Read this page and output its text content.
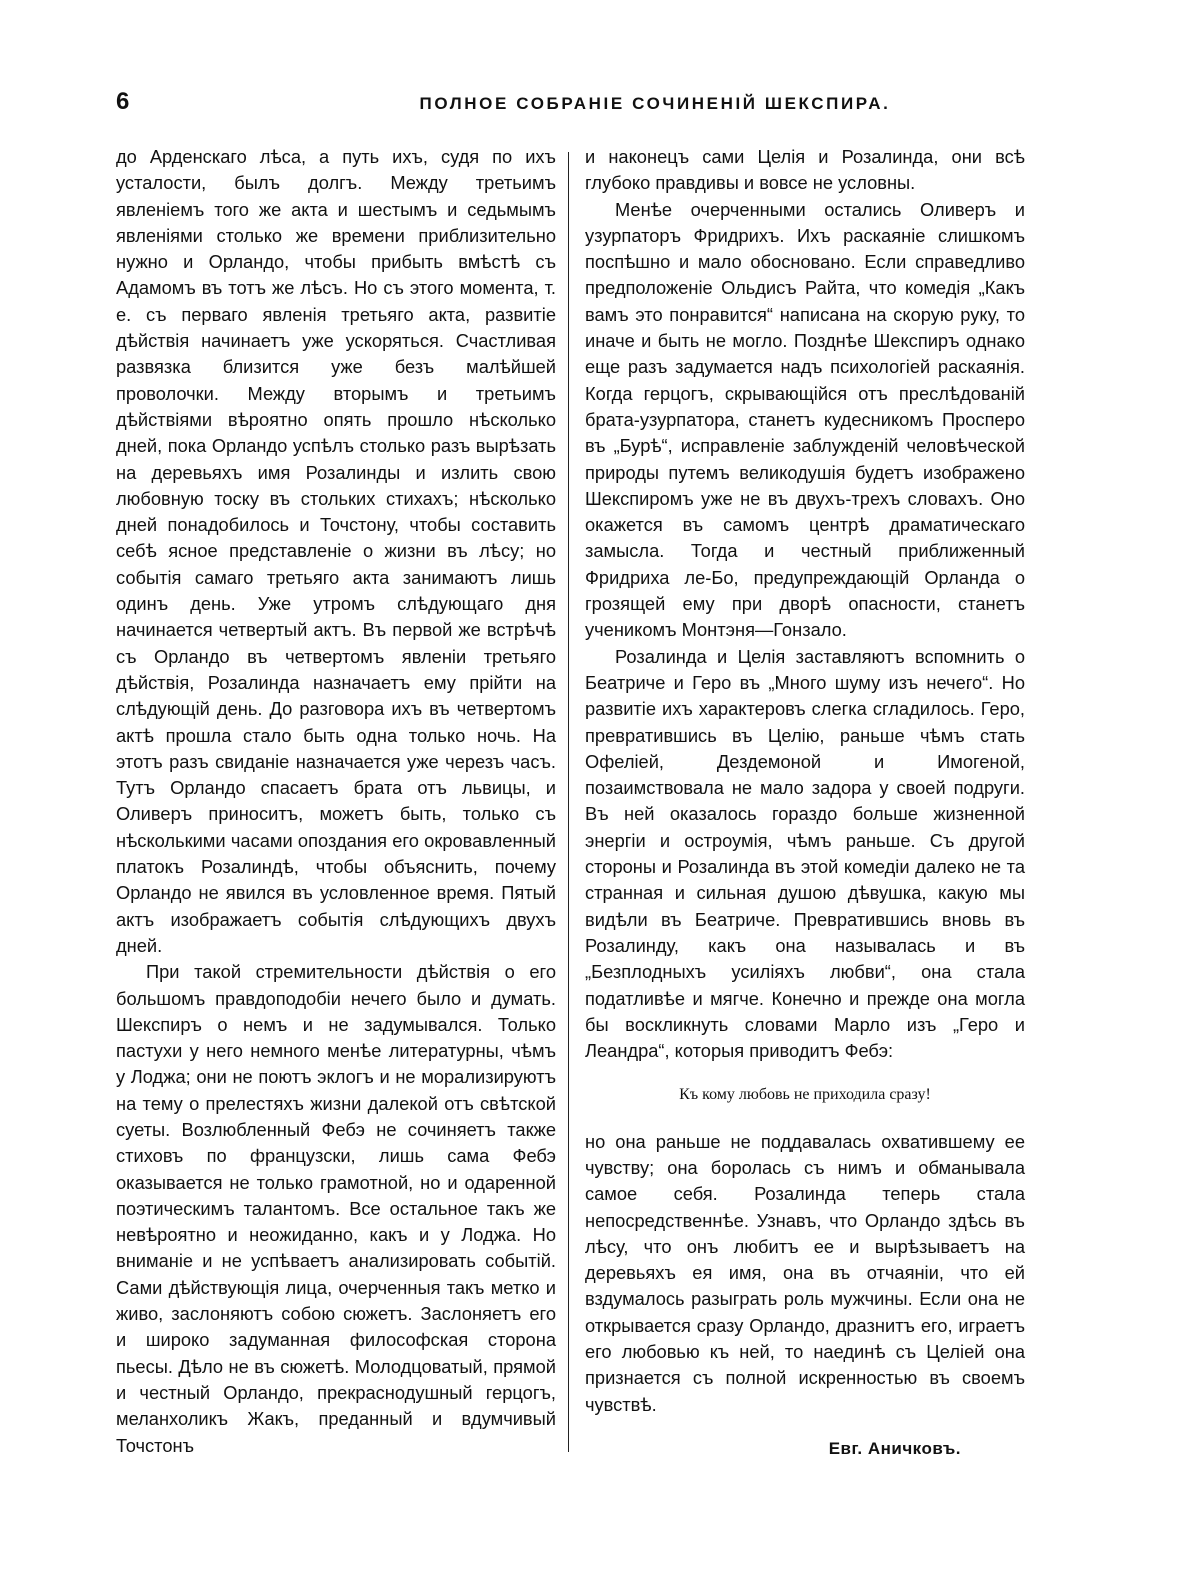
6	ПОЛНОЕ СОБРАНІЕ СОЧИНЕНІЙ ШЕКСПИРА.

до Арденскаго лѣса, а путь ихъ, судя по ихъ усталости, былъ долгъ. Между третьимъ явленіемъ того же акта и шестымъ и седьмымъ явленіями столько же времени приблизительно нужно и Орландо, чтобы прибыть вмѣстѣ съ Адамомъ въ тотъ же лѣсъ. Но съ этого момента, т. е. съ перваго явленія третьяго акта, развитіе дѣйствія начинаетъ уже ускоряться. Счастливая развязка близится уже безъ малѣйшей проволочки. Между вторымъ и третьимъ дѣйствіями вѣроятно опять прошло нѣсколько дней, пока Орландо успѣлъ столько разъ вырѣзать на деревьяхъ имя Розалинды и излить свою любовную тоску въ стольких стихахъ; нѣсколько дней понадобилось и Точстону, чтобы составить себѣ ясное представленіе о жизни въ лѣсу; но событія самаго третьяго акта занимаютъ лишь одинъ день. Уже утромъ слѣдующаго дня начинается четвертый актъ. Въ первой же встрѣчѣ съ Орландо въ четвертомъ явленіи третьяго дѣйствія, Розалинда назначаетъ ему прійти на слѣдующій день. До разговора ихъ въ четвертомъ актѣ прошла стало быть одна только ночь. На этотъ разъ свиданіе назначается уже черезъ часъ. Тутъ Орландо спасаетъ брата отъ львицы, и Оливеръ приноситъ, можетъ быть, только съ нѣсколькими часами опоздания его окровавленный платокъ Розалиндѣ, чтобы объяснить, почему Орландо не явился въ условленное время. Пятый актъ изображаетъ событія слѣдующихъ двухъ дней.

При такой стремительности дѣйствія о его большомъ правдоподобіи нечего было и думать. Шекспиръ о немъ и не задумывался. Только пастухи у него немного менѣе литературны, чѣмъ у Лоджа; они не поютъ эклогъ и не морализируютъ на тему о прелестяхъ жизни далекой отъ свѣтской суеты. Возлюбленный Фебэ не сочиняетъ также стиховъ по французски, лишь сама Фебэ оказывается не только грамотной, но и одаренной поэтическимъ талантомъ. Все остальное такъ же невѣроятно и неожиданно, какъ и у Лоджа. Но вниманіе и не успѣваетъ анализировать событій. Сами дѣйствующія лица, очерченныя такъ метко и живо, заслоняютъ собою сюжетъ. Заслоняетъ его и широко задуманная философская сторона пьесы. Дѣло не въ сюжетѣ. Молодцоватый, прямой и честный Орландо, прекраснодушный герцогъ, меланхоликъ Жакъ, преданный и вдумчивый Точстонъ

и наконецъ сами Целія и Розалинда, они всѣ глубоко правдивы и вовсе не условны.

Менѣе очерченными остались Оливеръ и узурпаторъ Фридрихъ. Ихъ раскаяніе слишкомъ поспѣшно и мало обосновано. Если справедливо предположеніе Ольдисъ Райта, что комедія „Какъ вамъ это понравится“ написана на скорую руку, то иначе и быть не могло. Позднѣе Шекспиръ однако еще разъ задумается надъ психологіей раскаянія. Когда герцогъ, скрывающійся отъ преслѣдованій брата-узурпатора, станетъ кудесникомъ Просперо въ „Бурѣ“, исправленіе заблужденій человѣческой природы путемъ великодушія будетъ изображено Шекспиромъ уже не въ двухъ-трехъ словахъ. Оно окажется въ самомъ центрѣ драматическаго замысла. Тогда и честный приближенный Фридриха ле-Бо, предупреждающій Орланда о грозящей ему при дворѣ опасности, станетъ ученикомъ Монтэня—Гонзало.

Розалинда и Целія заставляютъ вспомнить о Беатриче и Геро въ „Много шуму изъ нечего“. Но развитіе ихъ характеровъ слегка сгладилось. Геро, превратившись въ Целію, раньше чѣмъ стать Офеліей, Дездемоной и Имогеной, позаимствовала не мало задора у своей подруги. Въ ней оказалось гораздо больше жизненной энергіи и остроумія, чѣмъ раньше. Съ другой стороны и Розалинда въ этой комедіи далеко не та странная и сильная душою дѣвушка, какую мы видѣли въ Беатриче. Превратившись вновь въ Розалинду, какъ она называлась и въ „Безплодныхъ усиліяхъ любви“, она стала податливѣе и мягче. Конечно и прежде она могла бы воскликнуть словами Марло изъ „Геро и Леандра“, которыя приводитъ Фебэ:

Къ кому любовь не приходила сразу!

но она раньше не поддавалась охватившему ее чувству; она боролась съ нимъ и обманывала самое себя. Розалинда теперь стала непосредственнѣе. Узнавъ, что Орландо здѣсь въ лѣсу, что онъ любитъ ее и вырѣзываетъ на деревьяхъ ея имя, она въ отчаяніи, что ей вздумалось разыграть роль мужчины. Если она не открывается сразу Орландо, дразнитъ его, играетъ его любовью къ ней, то наединѣ съ Целіей она признается съ полной искренностью въ своемъ чувствѣ.

Евг. Аничковъ.
